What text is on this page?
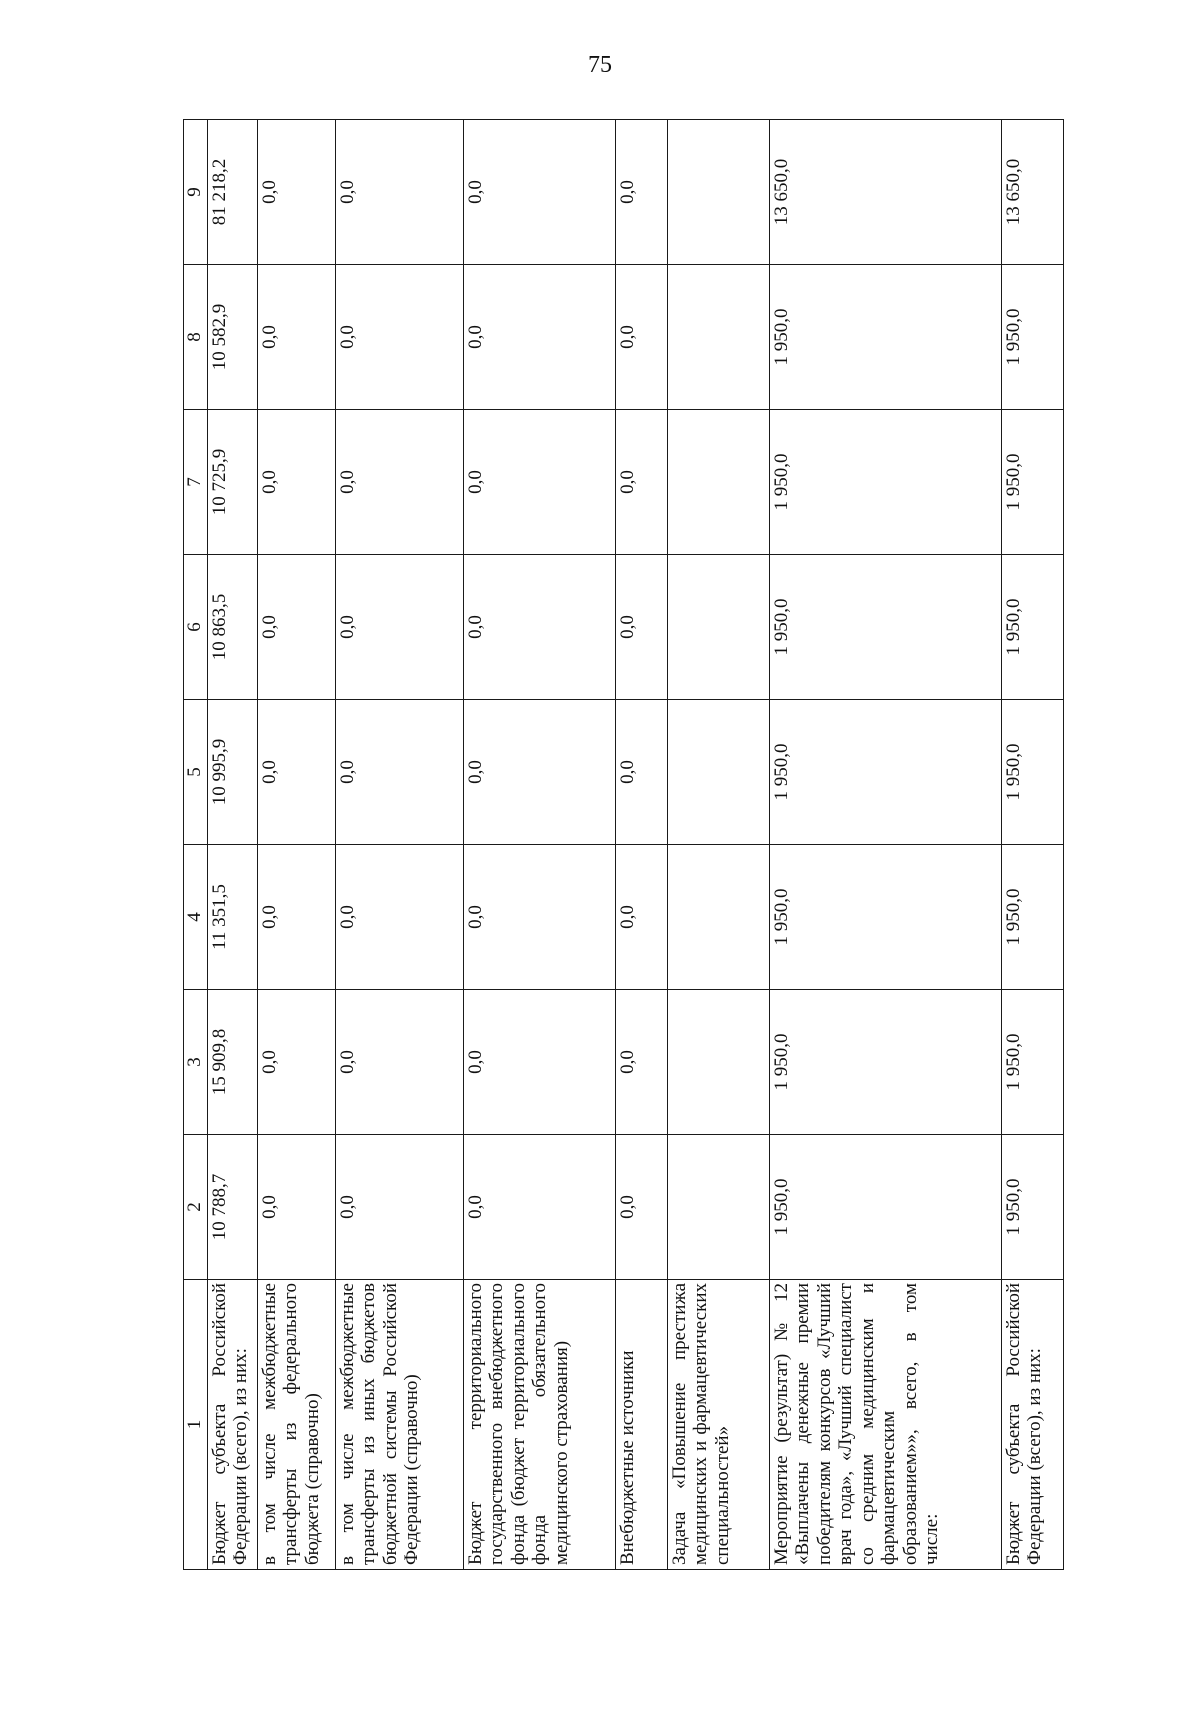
75
1	2	3	4	5	6	7	8	9
Бюджет субъекта Российской Федерации (всего), из них:	10 788,7	15 909,8	11 351,5	10 995,9	10 863,5	10 725,9	10 582,9	81 218,2
в том числе межбюджетные трансферты из федерального бюджета (справочно)	0,0	0,0	0,0	0,0	0,0	0,0	0,0	0,0
в том числе межбюджетные трансферты из иных бюджетов бюджетной системы Российской Федерации (справочно)	0,0	0,0	0,0	0,0	0,0	0,0	0,0	0,0
Бюджет территориального государственного внебюджетного фонда (бюджет территориального фонда обязательного медицинского страхования)	0,0	0,0	0,0	0,0	0,0	0,0	0,0	0,0
Внебюджетные источники	0,0	0,0	0,0	0,0	0,0	0,0	0,0	0,0
Задача «Повышение престижа медицинских и фармацевтических специальностей»								
Мероприятие (результат) № 12 «Выплачены денежные премии победителям конкурсов «Лучший врач года», «Лучший специалист со средним медицинским и фармацевтическим образованием»», всего, в том числе:	1 950,0	1 950,0	1 950,0	1 950,0	1 950,0	1 950,0	1 950,0	13 650,0
Бюджет субъекта Российской Федерации (всего), из них:	1 950,0	1 950,0	1 950,0	1 950,0	1 950,0	1 950,0	1 950,0	13 650,0
